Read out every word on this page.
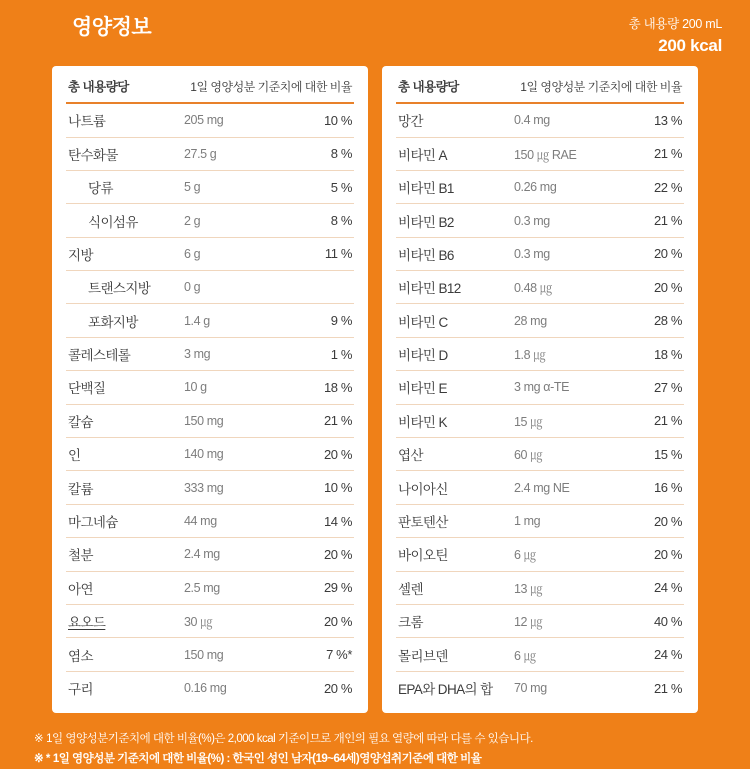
영양정보	총 내용량 200 mL
200 kcal
총 내용량당	1일 영양성분 기준치에 대한 비율
나트륨	205 mg	10 %
탄수화물	27.5 g	8 %
당류	5 g	5 %
식이섬유	2 g	8 %
지방	6 g	11 %
트랜스지방	0 g
포화지방	1.4 g	9 %
콜레스테롤	3 mg	1 %
단백질	10 g	18 %
칼슘	150 mg	21 %
인	140 mg	20 %
칼륨	333 mg	10 %
마그네슘	44 mg	14 %
철분	2.4 mg	20 %
아연	2.5 mg	29 %
요오드	30 ㎍	20 %
염소	150 mg	7 %*
구리	0.16 mg	20 %
총 내용량당	1일 영양성분 기준치에 대한 비율
망간	0.4 mg	13 %
비타민 A	150 ㎍ RAE	21 %
비타민 B1	0.26 mg	22 %
비타민 B2	0.3 mg	21 %
비타민 B6	0.3 mg	20 %
비타민 B12	0.48 ㎍	20 %
비타민 C	28 mg	28 %
비타민 D	1.8 ㎍	18 %
비타민 E	3 mg α-TE	27 %
비타민 K	15 ㎍	21 %
엽산	60 ㎍	15 %
나이아신	2.4 mg NE	16 %
판토텐산	1 mg	20 %
바이오틴	6 ㎍	20 %
셀렌	13 ㎍	24 %
크롬	12 ㎍	40 %
몰리브덴	6 ㎍	24 %
EPA와 DHA의 합	70 mg	21 %
※ 1일 영양성분기준치에 대한 비율(%)은 2,000 kcal 기준이므로 개인의 필요 열량에 따라 다를 수 있습니다.
※ * 1일 영양성분 기준치에 대한 비율(%) : 한국인 성인 남자(19~64세)영양섭취기준에 대한 비율
